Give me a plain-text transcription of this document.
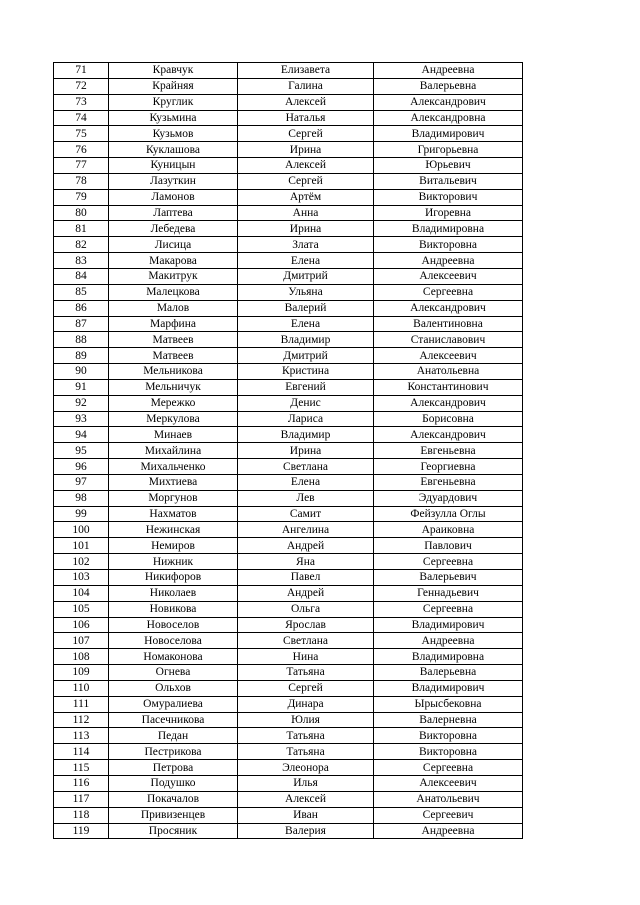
71	Кравчук	Елизавета	Андреевна
72	Крайняя	Галина	Валерьевна
73	Круглик	Алексей	Александрович
74	Кузьмина	Наталья	Александровна
75	Кузьмов	Сергей	Владимирович
76	Куклашова	Ирина	Григорьевна
77	Куницын	Алексей	Юрьевич
78	Лазуткин	Сергей	Витальевич
79	Ламонов	Артём	Викторович
80	Лаптева	Анна	Игоревна
81	Лебедева	Ирина	Владимировна
82	Лисица	Злата	Викторовна
83	Макарова	Елена	Андреевна
84	Макитрук	Дмитрий	Алексеевич
85	Малецкова	Ульяна	Сергеевна
86	Малов	Валерий	Александрович
87	Марфина	Елена	Валентиновна
88	Матвеев	Владимир	Станиславович
89	Матвеев	Дмитрий	Алексеевич
90	Мельникова	Кристина	Анатольевна
91	Мельничук	Евгений	Константинович
92	Мережко	Денис	Александрович
93	Меркулова	Лариса	Борисовна
94	Минаев	Владимир	Александрович
95	Михайлина	Ирина	Евгеньевна
96	Михальченко	Светлана	Георгиевна
97	Михтиева	Елена	Евгеньевна
98	Моргунов	Лев	Эдуардович
99	Нахматов	Самит	Фейзулла Оглы
100	Нежинская	Ангелина	Араиковна
101	Немиров	Андрей	Павлович
102	Нижник	Яна	Сергеевна
103	Никифоров	Павел	Валерьевич
104	Николаев	Андрей	Геннадьевич
105	Новикова	Ольга	Сергеевна
106	Новоселов	Ярослав	Владимирович
107	Новоселова	Светлана	Андреевна
108	Номаконова	Нина	Владимировна
109	Огнева	Татьяна	Валерьевна
110	Ольхов	Сергей	Владимирович
111	Омуралиева	Динара	Ырысбековна
112	Пасечникова	Юлия	Валерневна
113	Педан	Татьяна	Викторовна
114	Пестрикова	Татьяна	Викторовна
115	Петрова	Элеонора	Сергеевна
116	Подушко	Илья	Алексеевич
117	Покачалов	Алексей	Анатольевич
118	Привизенцев	Иван	Сергеевич
119	Просяник	Валерия	Андреевна
